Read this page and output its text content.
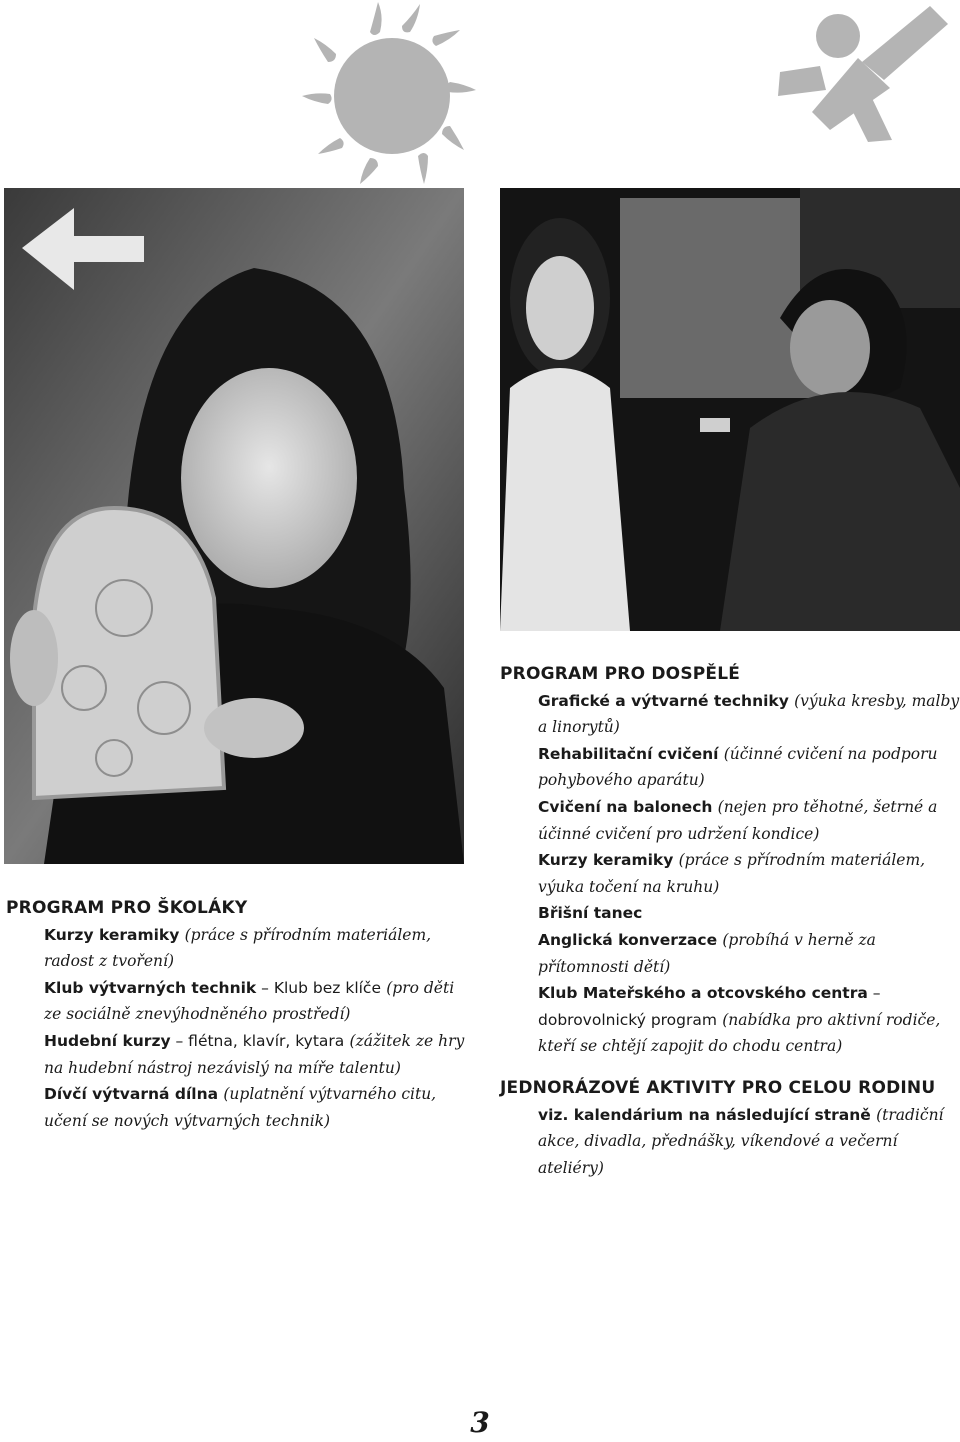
PROGRAM PRO ŠKOLÁKY

Kurzy keramiky (práce s přírodním materiálem, radost z tvoření)

Klub výtvarných technik – Klub bez klíče (pro děti ze sociálně znevýhodněného prostředí)

Hudební kurzy – flétna, klavír, kytara (zážitek ze hry na hudební nástroj nezávislý na míře talentu)

Dívčí výtvarná dílna (uplatnění výtvarného citu, učení se nových výtvarných technik)

PROGRAM PRO DOSPĚLÉ

Grafické a výtvarné techniky (výuka kresby, malby a linorytů)

Rehabilitační cvičení (účinné cvičení na podporu pohybového aparátu)

Cvičení na balonech (nejen pro těhotné, šetrné a účinné cvičení pro udržení kondice)

Kurzy keramiky (práce s přírodním materiálem, výuka točení na kruhu)

Břišní tanec

Anglická konverzace (probíhá v herně za přítomnosti dětí)

Klub Mateřského a otcovského centra – dobrovolnický program (nabídka pro aktivní rodiče, kteří se chtějí zapojit do chodu centra)

JEDNORÁZOVÉ AKTIVITY PRO CELOU RODINU

viz. kalendárium na následující straně (tradiční akce, divadla, přednášky, víkendové a večerní ateliéry)

3
